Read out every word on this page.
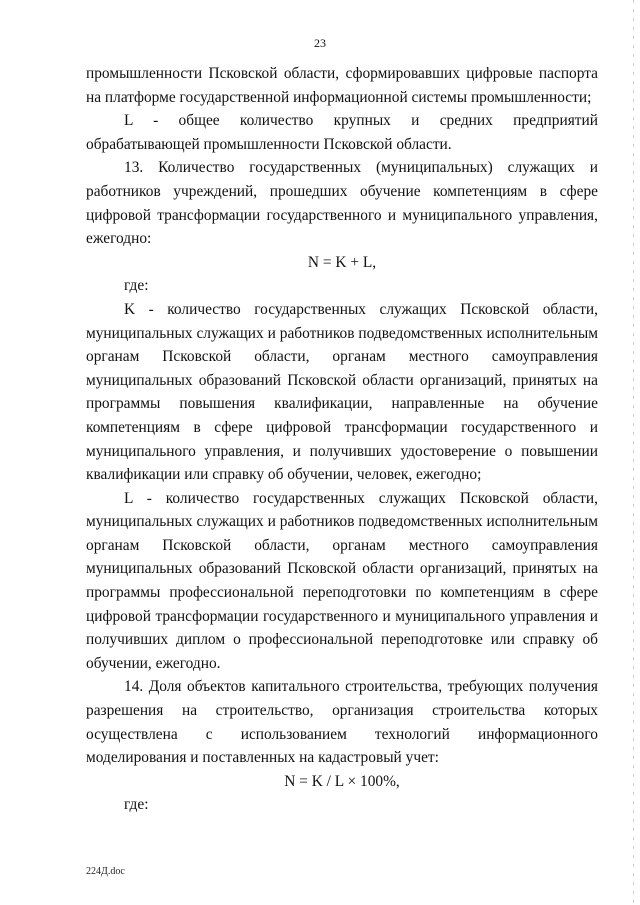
23

промышленности Псковской области, сформировавших цифровые паспорта на платформе государственной информационной системы промышленности;

L - общее количество крупных и средних предприятий обрабатывающей промышленности Псковской области.

13. Количество государственных (муниципальных) служащих и работников учреждений, прошедших обучение компетенциям в сфере цифровой трансформации государственного и муниципального управления, ежегодно:

N = K + L,

где:

K - количество государственных служащих Псковской области, муниципальных служащих и работников подведомственных исполнительным органам Псковской области, органам местного самоуправления муниципальных образований Псковской области организаций, принятых на программы повышения квалификации, направленные на обучение компетенциям в сфере цифровой трансформации государственного и муниципального управления, и получивших удостоверение о повышении квалификации или справку об обучении, человек, ежегодно;

L - количество государственных служащих Псковской области, муниципальных служащих и работников подведомственных исполнительным органам Псковской области, органам местного самоуправления муниципальных образований Псковской области организаций, принятых на программы профессиональной переподготовки по компетенциям в сфере цифровой трансформации государственного и муниципального управления и получивших диплом о профессиональной переподготовке или справку об обучении, ежегодно.

14. Доля объектов капитального строительства, требующих получения разрешения на строительство, организация строительства которых осуществлена с использованием технологий информационного моделирования и поставленных на кадастровый учет:

N = K / L × 100%,

где:

224Д.doc
